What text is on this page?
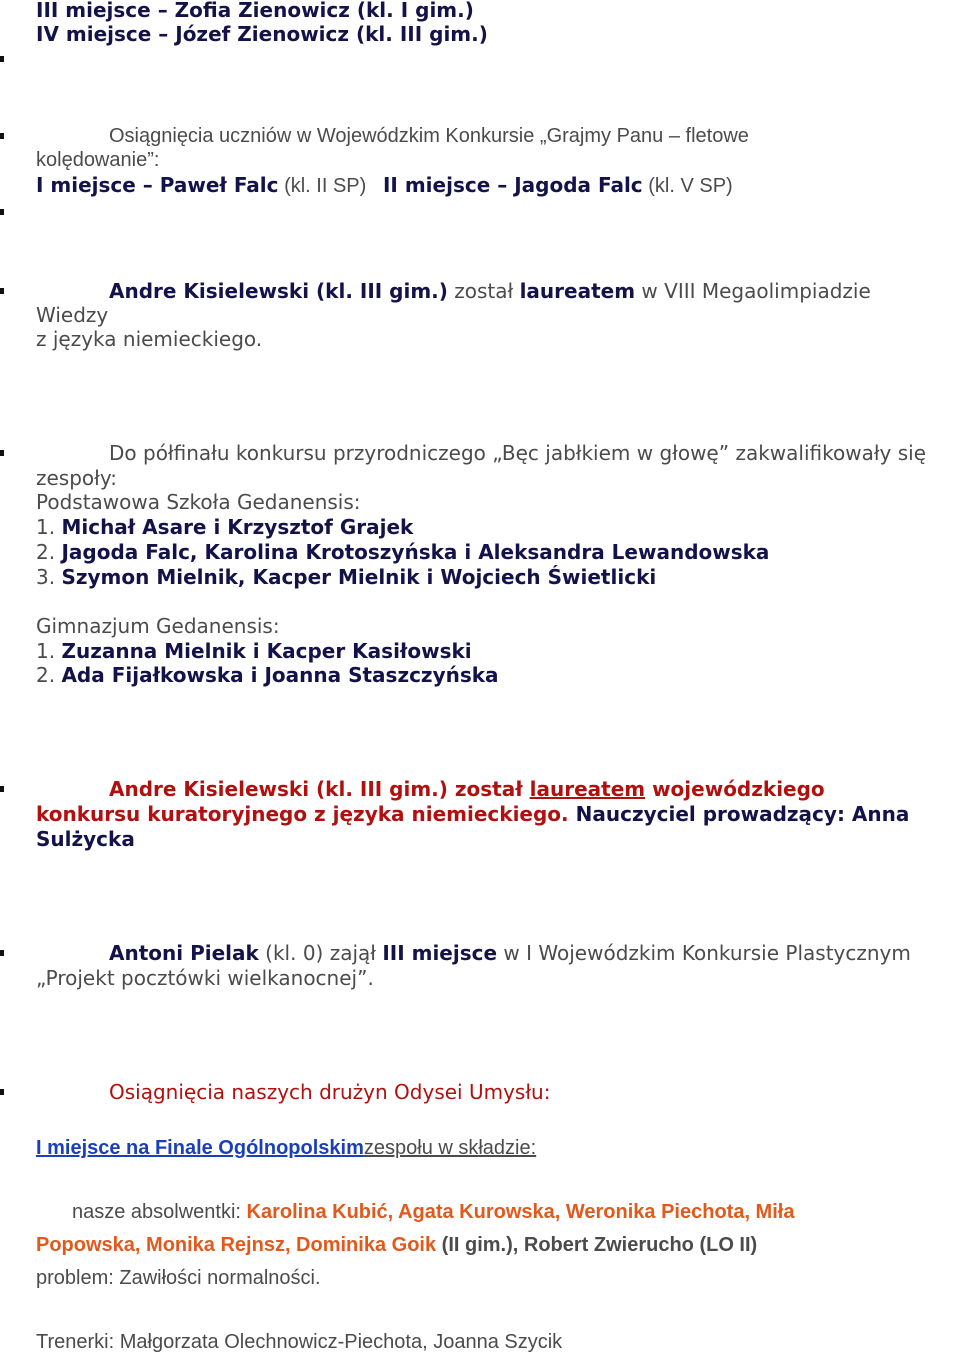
III miejsce – Zofia Zienowicz (kl. I gim.)
IV miejsce – Józef Zienowicz (kl. III gim.)
Osiągnięcia uczniów w Wojewódzkim Konkursie „Grajmy Panu – fletowe
kolędowanie”:
I miejsce – Paweł Falc (kl. II SP) II miejsce – Jagoda Falc (kl. V SP)
Andre Kisielewski (kl. III gim.) został laureatem w VIII Megaolimpiadzie
Wiedzy
z języka niemieckiego.
Do półfinału konkursu przyrodniczego „Bęc jabłkiem w głowę” zakwalifikowały się
zespoły:
Podstawowa Szkoła Gedanensis:
1. Michał Asare i Krzysztof Grajek
2. Jagoda Falc, Karolina Krotoszyńska i Aleksandra Lewandowska
3. Szymon Mielnik, Kacper Mielnik i Wojciech Świetlicki
Gimnazjum Gedanensis:
1. Zuzanna Mielnik i Kacper Kasiłowski
2. Ada Fijałkowska i Joanna Staszczyńska
Andre Kisielewski (kl. III gim.) został laureatem wojewódzkiego
konkursu kuratoryjnego z języka niemieckiego. Nauczyciel prowadzący: Anna
Sulżycka
Antoni Pielak (kl. 0) zajął III miejsce w I Wojewódzkim Konkursie Plastycznym
„Projekt pocztówki wielkanocnej”.
Osiągnięcia naszych drużyn Odysei Umysłu:
I miejsce na Finale Ogólnopolskimzespołu w składzie:
nasze absolwentki: Karolina Kubić, Agata Kurowska, Weronika Piechota, Miła
Popowska, Monika Rejnsz, Dominika Goik (II gim.), Robert Zwierucho (LO II)
problem: Zawiłości normalności.
Trenerki: Małgorzata Olechnowicz-Piechota, Joanna Szycik
